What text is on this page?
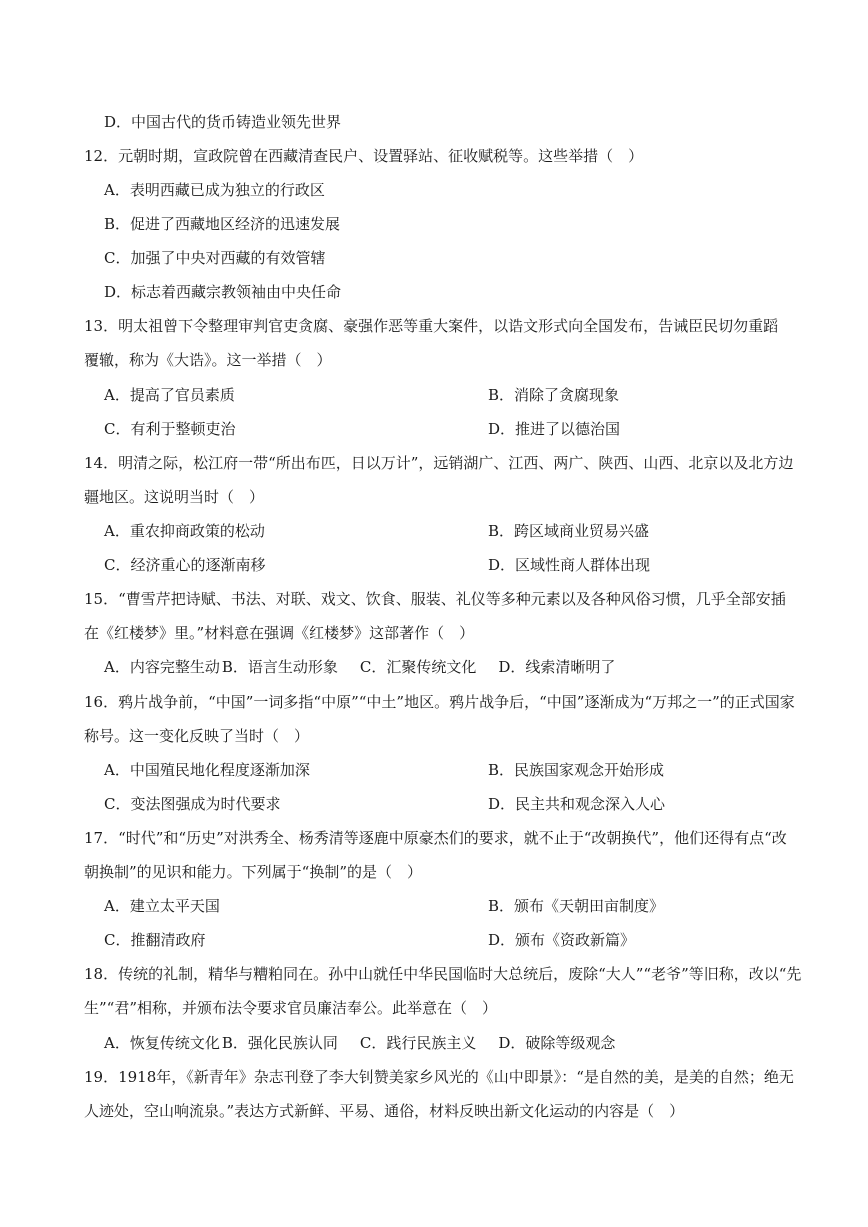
D．中国古代的货币铸造业领先世界
12．元朝时期，宣政院曾在西藏清查民户、设置驿站、征收赋税等。这些举措（　）
A．表明西藏已成为独立的行政区
B．促进了西藏地区经济的迅速发展
C．加强了中央对西藏的有效管辖
D．标志着西藏宗教领袖由中央任命
13．明太祖曾下令整理审判官吏贪腐、豪强作恶等重大案件，以诰文形式向全国发布，告诫臣民切勿重蹈
覆辙，称为《大诰》。这一举措（　）
A．提高了官员素质	B．消除了贪腐现象
C．有利于整顿吏治	D．推进了以德治国
14．明清之际，松江府一带“所出布匹，日以万计”，远销湖广、江西、两广、陕西、山西、北京以及北方边
疆地区。这说明当时（　）
A．重农抑商政策的松动	B．跨区域商业贸易兴盛
C．经济重心的逐渐南移	D．区域性商人群体出现
15．“曹雪芹把诗赋、书法、对联、戏文、饮食、服装、礼仪等多种元素以及各种风俗习惯，几乎全部安插
在《红楼梦》里。”材料意在强调《红楼梦》这部著作（　）
A．内容完整生动 B．语言生动形象 C．汇聚传统文化 D．线索清晰明了
16．鸦片战争前，“中国”一词多指“中原”“中土”地区。鸦片战争后，“中国”逐渐成为“万邦之一”的正式国家
称号。这一变化反映了当时（　）
A．中国殖民地化程度逐渐加深	B．民族国家观念开始形成
C．变法图强成为时代要求	D．民主共和观念深入人心
17．“时代”和“历史”对洪秀全、杨秀清等逐鹿中原豪杰们的要求，就不止于“改朝换代”，他们还得有点“改
朝换制”的见识和能力。下列属于“换制”的是（　）
A．建立太平天国	B．颁布《天朝田亩制度》
C．推翻清政府	D．颁布《资政新篇》
18．传统的礼制，精华与糟粕同在。孙中山就任中华民国临时大总统后，废除“大人”“老爷”等旧称，改以“先
生”“君”相称，并颁布法令要求官员廉洁奉公。此举意在（　）
A．恢复传统文化 B．强化民族认同 C．践行民族主义 D．破除等级观念
19．1918年，《新青年》杂志刊登了李大钊赞美家乡风光的《山中即景》：“是自然的美，是美的自然；绝无
人迹处，空山响流泉。”表达方式新鲜、平易、通俗，材料反映出新文化运动的内容是（　）
